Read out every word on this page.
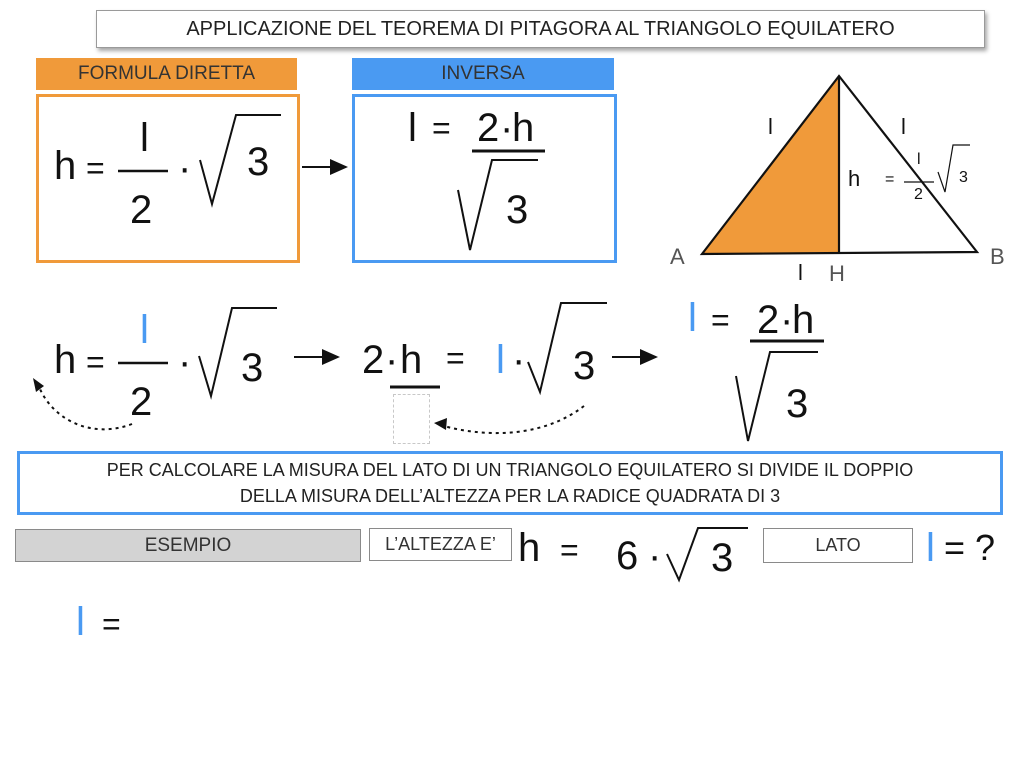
APPLICAZIONE DEL TEOREMA DI PITAGORA AL TRIANGOLO EQUILATERO
FORMULA DIRETTA	INVERSA
h =
l
2
· 3
l = 2 ·
h
3
l	l
h =
l
2
3
A	B
H
l
h =
l
2
· 3 2 · h = l · 3
l = 2 ·
h
3
PER CALCOLARE LA MISURA DEL LATO DI UN TRIANGOLO EQUILATERO SI DIVIDE IL DOPPIO
DELLA MISURA DELL’ALTEZZA PER LA RADICE QUADRATA DI 3
ESEMPIO	L’ALTEZZA E’ h = 6 · 3	LATO	l = ?
l =
